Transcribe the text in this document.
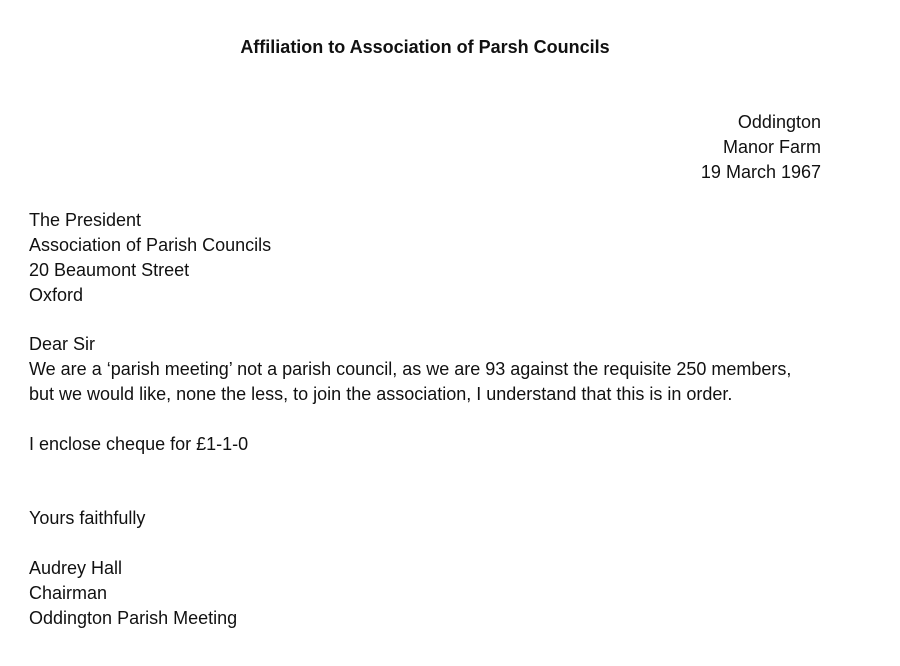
Affiliation to Association of Parsh Councils
Oddington
Manor Farm
19 March 1967
The President
Association of Parish Councils
20 Beaumont Street
Oxford
Dear Sir
We are a ‘parish meeting’ not a parish council, as we are 93 against the requisite 250 members,
but we would like, none the less, to join the association, I understand that this is in order.
I enclose cheque for £1-1-0
Yours faithfully
Audrey Hall
Chairman
Oddington Parish Meeting
